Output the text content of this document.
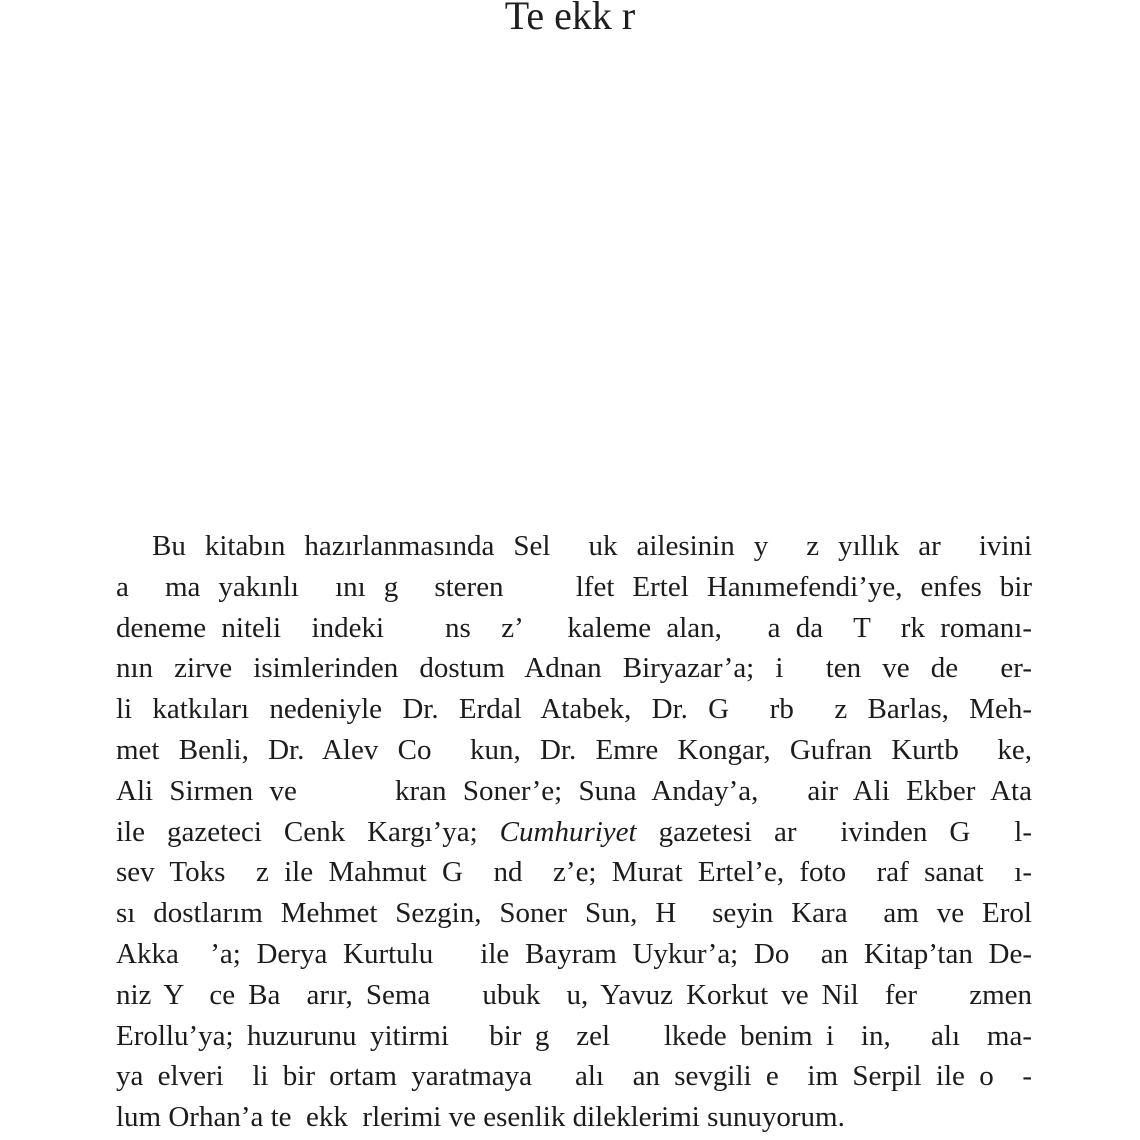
Te ekk r
Bu kitabın hazırlanmasında Sel  uk ailesinin y  z yıllık ar  ivini
a  ma yakınlı  ını g  steren    lfet Ertel Hanımefendi’ye, enfes bir
deneme niteli  indeki    ns  z’   kaleme alan,   a da  T  rk romanı-
nın zirve isimlerinden dostum Adnan Biryazar’a; i  ten ve de  er-
li katkıları nedeniyle Dr. Erdal Atabek, Dr. G  rb  z Barlas, Meh-
met Benli, Dr. Alev Co  kun, Dr. Emre Kongar, Gufran Kurtb  ke,
Ali Sirmen ve      kran Soner’e; Suna Anday’a,   air Ali Ekber Ata
ile gazeteci Cenk Kargı’ya; Cumhuriyet gazetesi ar  ivinden G  l-
sev Toks  z ile Mahmut G  nd  z’e; Murat Ertel’e, foto  raf sanat  ı-
sı dostlarım Mehmet Sezgin, Soner Sun, H  seyin Kara  am ve Erol
Akka  ’a; Derya Kurtulu   ile Bayram Uykur’a; Do  an Kitap’tan De-
niz Y  ce Ba  arır, Sema    ubuk  u, Yavuz Korkut ve Nil  fer    zmen
Erollu’ya; huzurunu yitirmi   bir g  zel    lkede benim i  in,   alı  ma-
ya elveri  li bir ortam yaratmaya   alı  an sevgili e  im Serpil ile o  -
lum Orhan’a te  ekk  rlerimi ve esenlik dileklerimi sunuyorum.
